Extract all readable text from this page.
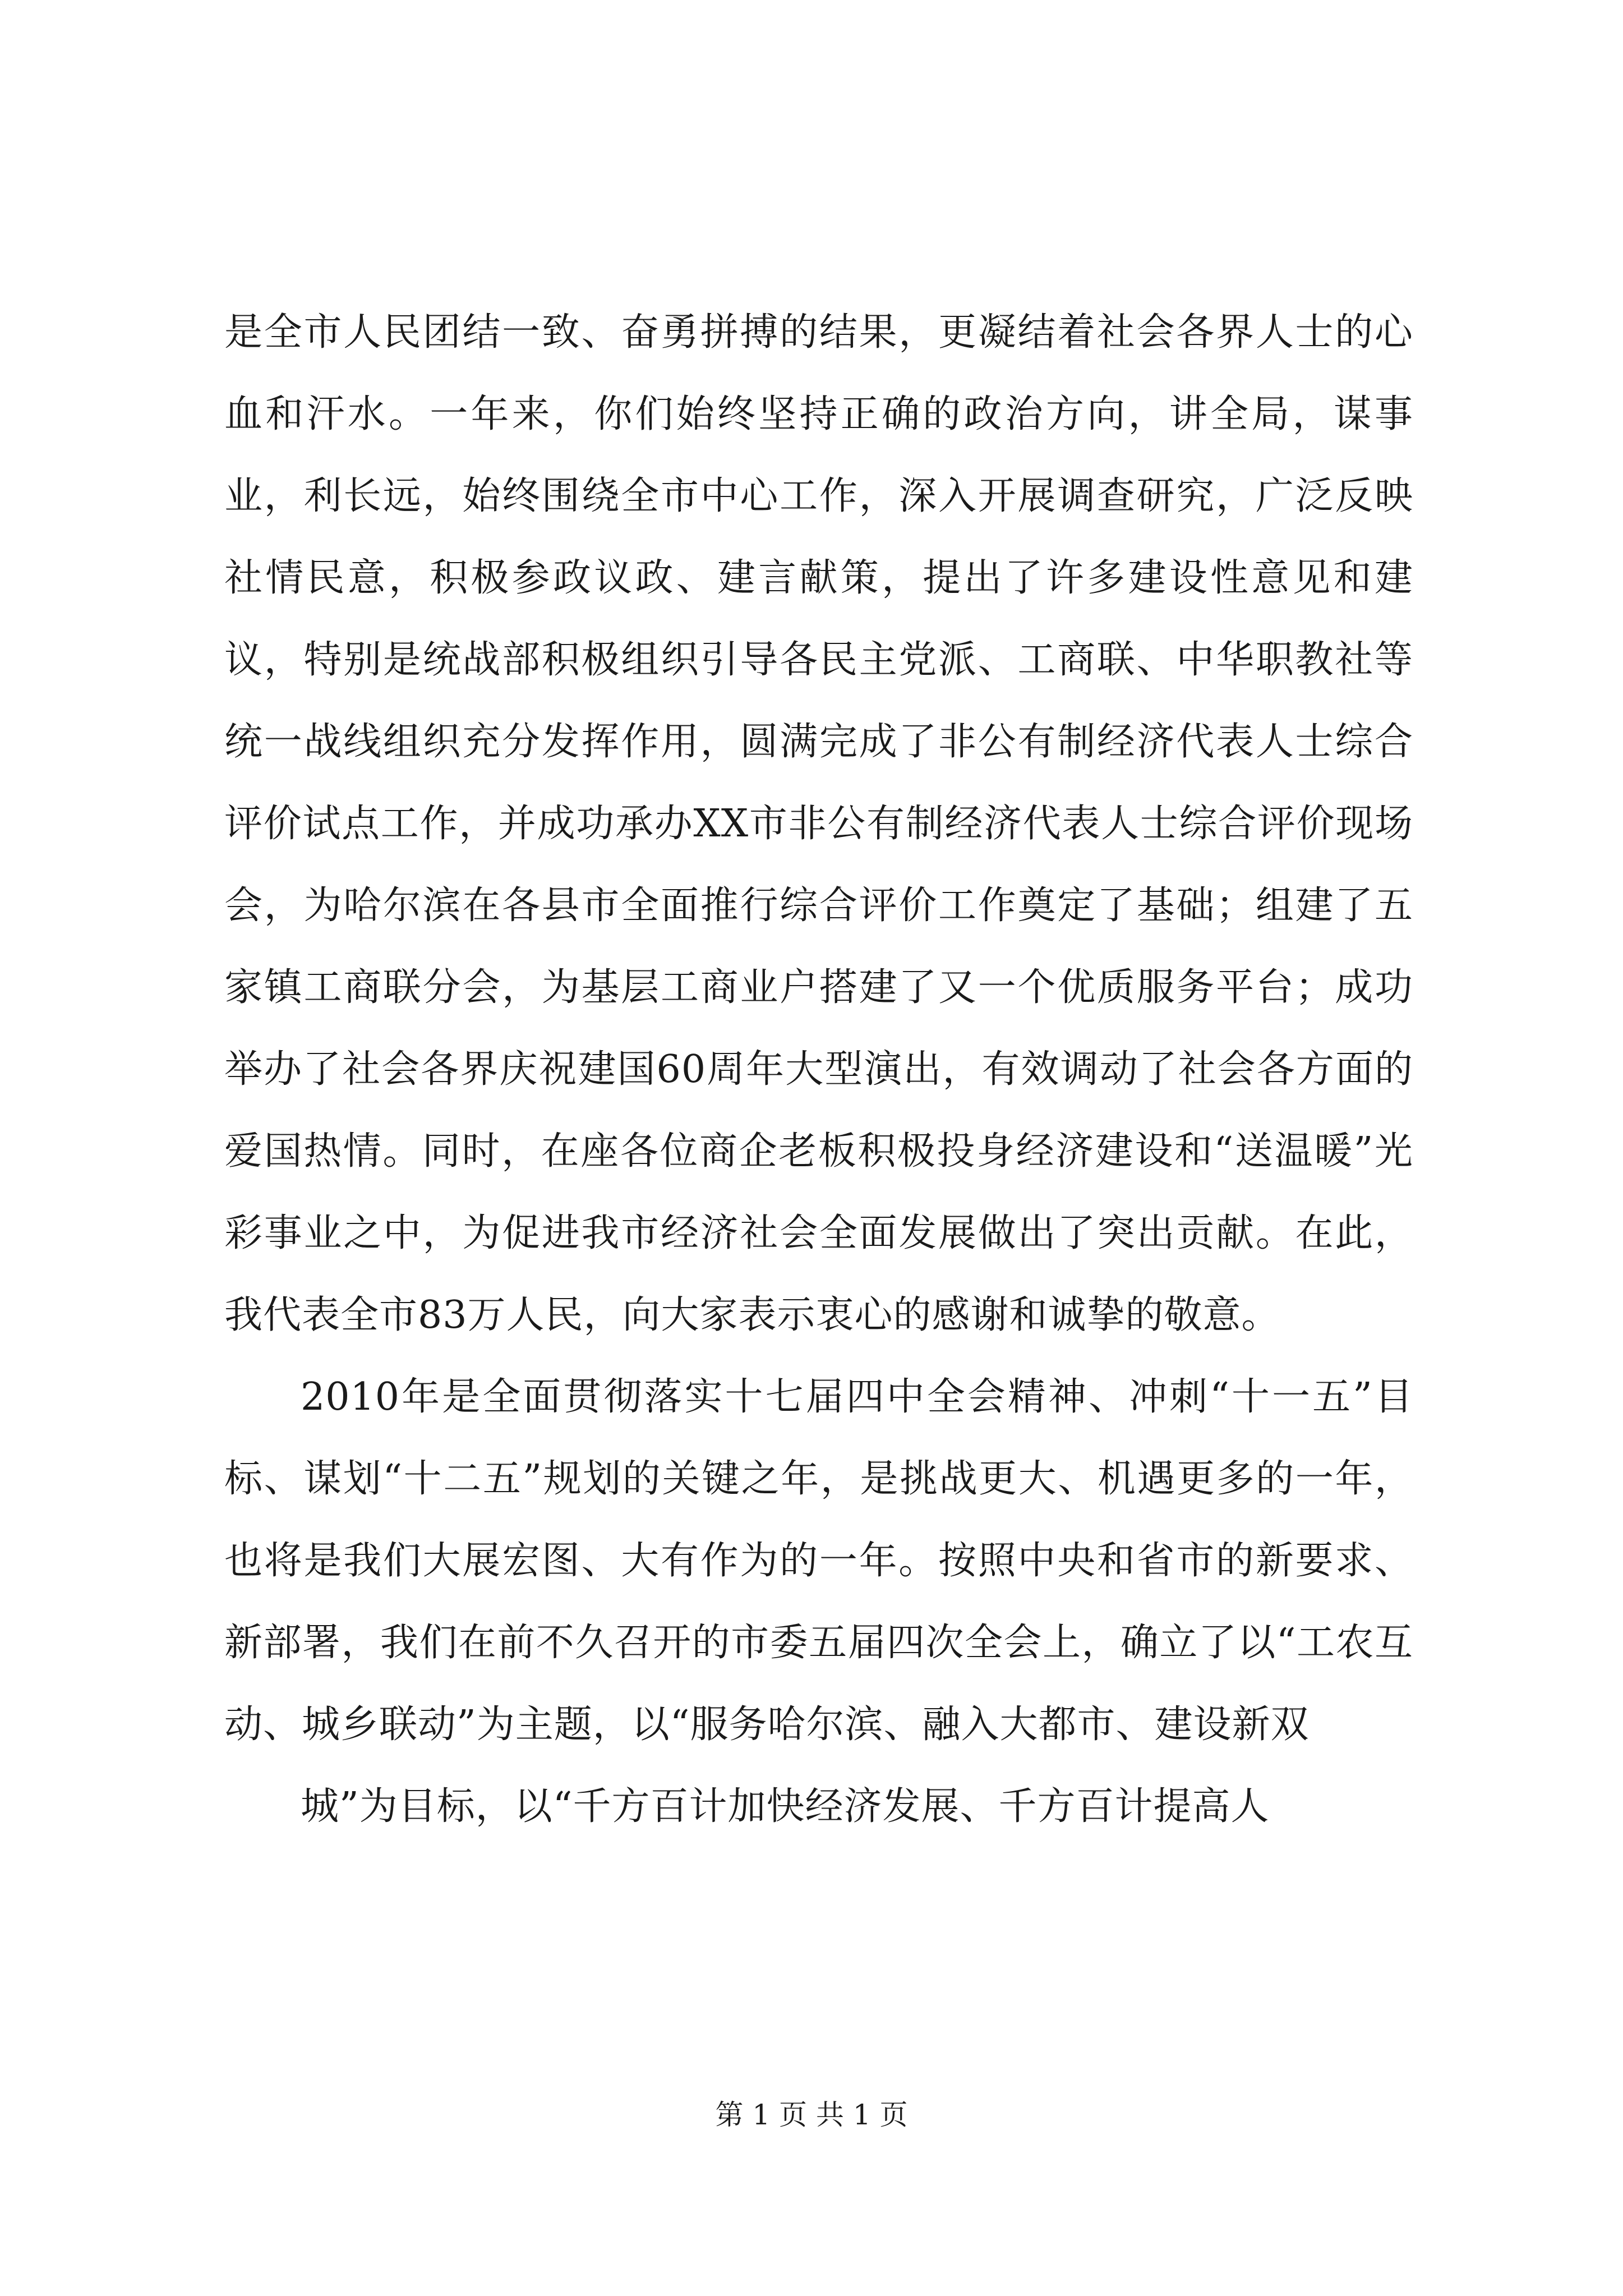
是全市人民团结一致、奋勇拼搏的结果，更凝结着社会各界人士的心血和汗水。一年来，你们始终坚持正确的政治方向，讲全局，谋事业，利长远，始终围绕全市中心工作，深入开展调查研究，广泛反映社情民意，积极参政议政、建言献策，提出了许多建设性意见和建议，特别是统战部积极组织引导各民主党派、工商联、中华职教社等统一战线组织充分发挥作用，圆满完成了非公有制经济代表人士综合评价试点工作，并成功承办XX市非公有制经济代表人士综合评价现场会，为哈尔滨在各县市全面推行综合评价工作奠定了基础；组建了五家镇工商联分会，为基层工商业户搭建了又一个优质服务平台；成功举办了社会各界庆祝建国60周年大型演出，有效调动了社会各方面的爱国热情。同时，在座各位商企老板积极投身经济建设和“送温暖”光彩事业之中，为促进我市经济社会全面发展做出了突出贡献。在此，我代表全市83万人民，向大家表示衷心的感谢和诚挚的敬意。

2010年是全面贯彻落实十七届四中全会精神、冲刺“十一五”目标、谋划“十二五”规划的关键之年，是挑战更大、机遇更多的一年，也将是我们大展宏图、大有作为的一年。按照中央和省市的新要求、新部署，我们在前不久召开的市委五届四次全会上，确立了以“工农互动、城乡联动”为主题，以“服务哈尔滨、融入大都市、建设新双

城”为目标，以“千方百计加快经济发展、千方百计提高人

第 1 页 共 1 页
